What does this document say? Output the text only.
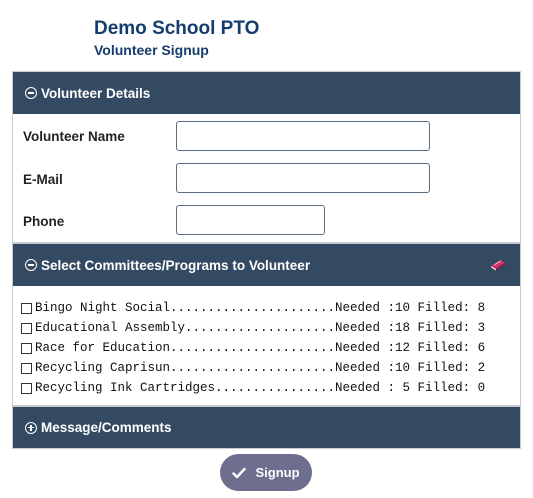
Demo School PTO
Volunteer Signup
Volunteer Details
Volunteer Name
E-Mail
Phone
Select Committees/Programs to Volunteer
Bingo Night Social......................Needed :10 Filled: 8
Educational Assembly....................Needed :18 Filled: 3
Race for Education......................Needed :12 Filled: 6
Recycling Caprisun......................Needed :10 Filled: 2
Recycling Ink Cartridges................Needed : 5 Filled: 0
Message/Comments
Signup
